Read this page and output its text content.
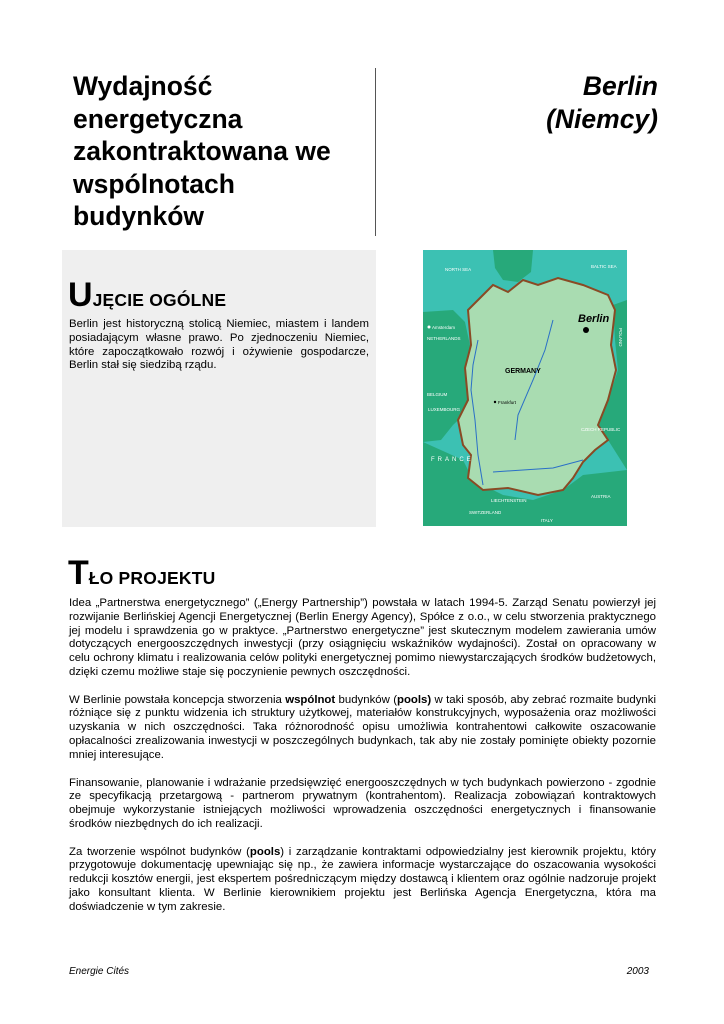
Wydajność energetyczna zakontraktowana we wspólnotach budynków
Berlin
(Niemcy)
UJĘCIE OGÓLNE

Berlin jest historyczną stolicą Niemiec, miastem i landem posiadającym własne prawo. Po zjednoczeniu Niemiec, które zapoczątkowało rozwój i ożywienie gospodarcze, Berlin stał się siedzibą rządu.

Berlin
GERMANY
NORTH SEA
BALTIC SEA
Amsterdam
NETHERLANDS	POLAND
BELGIUM
LUXEMBOURG
Frankfurt
CZECH REPUBLIC
FRANCE
AUSTRIA
LIECHTENSTEIN
SWITZERLAND
ITALY
TŁO PROJEKTU

Idea „Partnerstwa energetycznego” („Energy Partnership”) powstała w latach 1994-5. Zarząd Senatu powierzył jej rozwijanie Berlińskiej Agencji Energetycznej (Berlin Energy Agency), Spółce z o.o., w celu stworzenia praktycznego jej modelu i sprawdzenia go w praktyce. „Partnerstwo energetyczne” jest skutecznym modelem zawierania umów dotyczących energooszczędnych inwestycji (przy osiągnięciu wskaźników wydajności). Został on opracowany w celu ochrony klimatu i realizowania celów polityki energetycznej pomimo niewystarczających środków budżetowych, dzięki czemu możliwe staje się poczynienie pewnych oszczędności.

W Berlinie powstała koncepcja stworzenia wspólnot budynków (pools) w taki sposób, aby zebrać rozmaite budynki różniące się z punktu widzenia ich struktury użytkowej, materiałów konstrukcyjnych, wyposażenia oraz możliwości uzyskania w nich oszczędności. Taka różnorodność opisu umożliwia kontrahentowi całkowite oszacowanie opłacalności zrealizowania inwestycji w poszczególnych budynkach, tak aby nie zostały pominięte obiekty pozornie mniej interesujące.

Finansowanie, planowanie i wdrażanie przedsięwzięć energooszczędnych w tych budynkach powierzono - zgodnie ze specyfikacją przetargową - partnerom prywatnym (kontrahentom). Realizacja zobowiązań kontraktowych obejmuje wykorzystanie istniejących możliwości wprowadzenia oszczędności energetycznych i finansowanie środków niezbędnych do ich realizacji.

Za tworzenie wspólnot budynków (pools) i zarządzanie kontraktami odpowiedzialny jest kierownik projektu, który przygotowuje dokumentację upewniając się np., że zawiera informacje wystarczające do oszacowania wysokości redukcji kosztów energii, jest ekspertem pośredniczącym między dostawcą i klientem oraz ogólnie nadzoruje projekt jako konsultant klienta. W Berlinie kierownikiem projektu jest Berlińska Agencja Energetyczna, która ma doświadczenie w tym zakresie.

Energie Cités	2003
